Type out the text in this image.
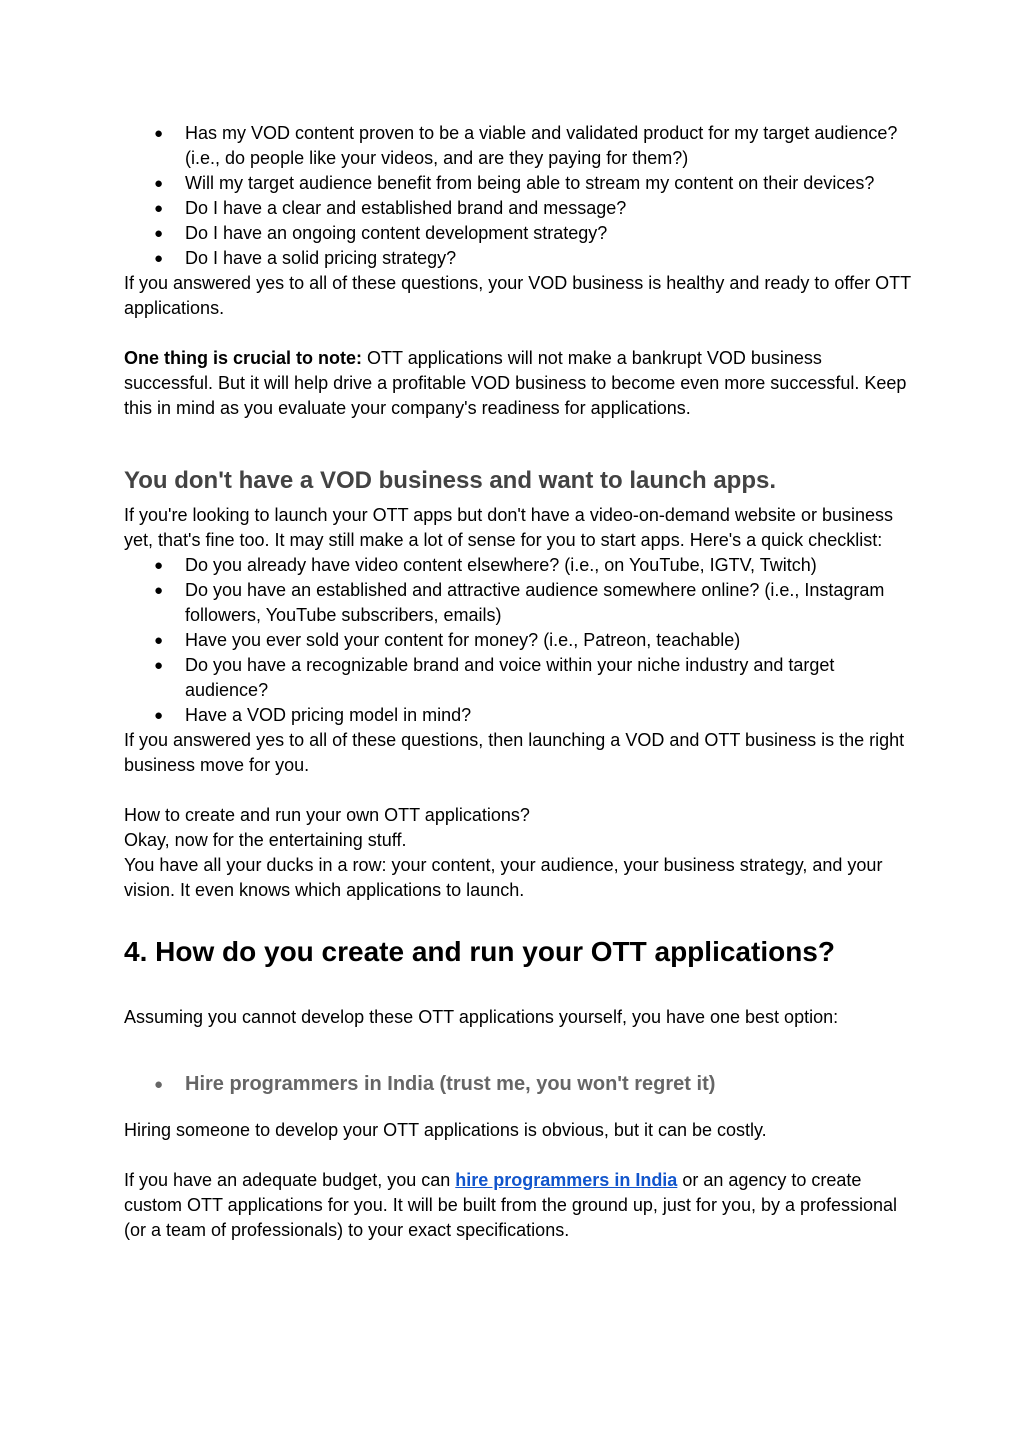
● Has my VOD content proven to be a viable and validated product for my target audience? (i.e., do people like your videos, and are they paying for them?)
● Will my target audience benefit from being able to stream my content on their devices?
● Do I have a clear and established brand and message?
● Do I have an ongoing content development strategy?
● Do I have a solid pricing strategy?

If you answered yes to all of these questions, your VOD business is healthy and ready to offer OTT applications.

One thing is crucial to note: OTT applications will not make a bankrupt VOD business successful. But it will help drive a profitable VOD business to become even more successful. Keep this in mind as you evaluate your company's readiness for applications.

You don't have a VOD business and want to launch apps.

If you're looking to launch your OTT apps but don't have a video-on-demand website or business yet, that's fine too. It may still make a lot of sense for you to start apps. Here's a quick checklist:

● Do you already have video content elsewhere? (i.e., on YouTube, IGTV, Twitch)
● Do you have an established and attractive audience somewhere online? (i.e., Instagram followers, YouTube subscribers, emails)
● Have you ever sold your content for money? (i.e., Patreon, teachable)
● Do you have a recognizable brand and voice within your niche industry and target audience?
● Have a VOD pricing model in mind?

If you answered yes to all of these questions, then launching a VOD and OTT business is the right business move for you.

How to create and run your own OTT applications?

Okay, now for the entertaining stuff.

You have all your ducks in a row: your content, your audience, your business strategy, and your vision. It even knows which applications to launch.

4. How do you create and run your OTT applications?

Assuming you cannot develop these OTT applications yourself, you have one best option:

● Hire programmers in India (trust me, you won't regret it)

Hiring someone to develop your OTT applications is obvious, but it can be costly.

If you have an adequate budget, you can hire programmers in India or an agency to create custom OTT applications for you. It will be built from the ground up, just for you, by a professional (or a team of professionals) to your exact specifications.
